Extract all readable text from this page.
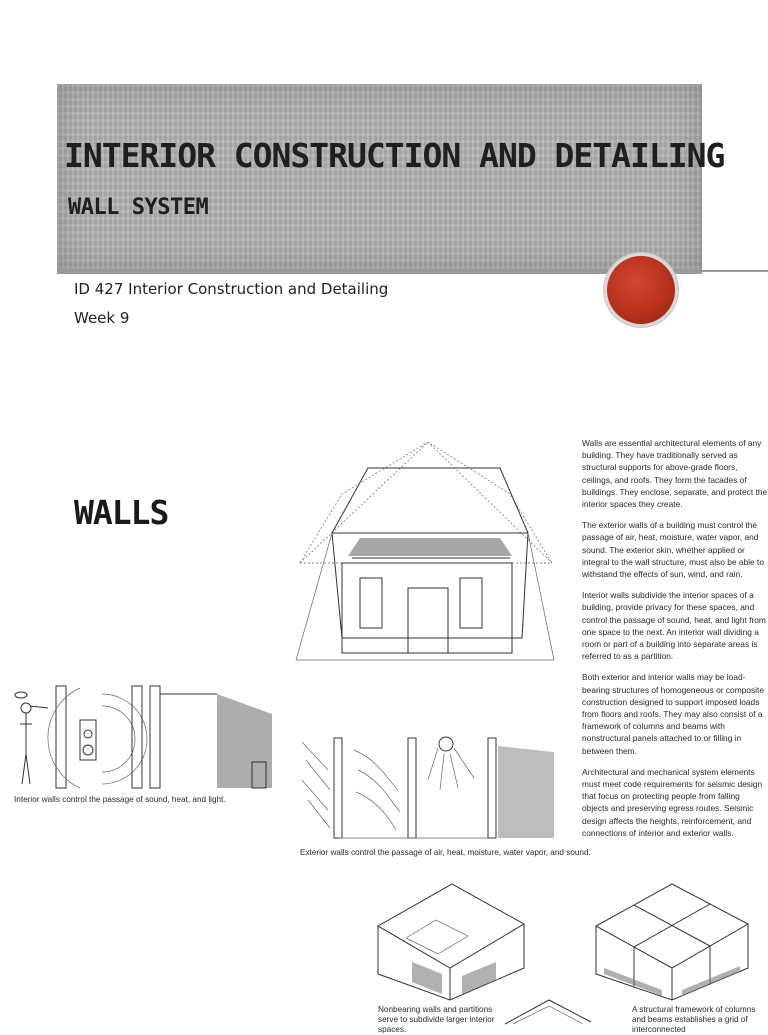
INTERIOR CONSTRUCTION AND DETAILING
WALL SYSTEM
ID 427 Interior Construction and Detailing
Week 9
WALLS

Walls are essential architectural elements of any building. They have traditionally served as structural supports for above-grade floors, ceilings, and roofs. They form the facades of buildings. They enclose, separate, and protect the interior spaces they create.

The exterior walls of a building must control the passage of air, heat, moisture, water vapor, and sound. The exterior skin, whether applied or integral to the wall structure, must also be able to withstand the effects of sun, wind, and rain.

Interior walls subdivide the interior spaces of a building, provide privacy for these spaces, and control the passage of sound, heat, and light from one space to the next. An interior wall dividing a room or part of a building into separate areas is referred to as a partition.

Both exterior and interior walls may be load-bearing structures of homogeneous or composite construction designed to support imposed loads from floors and roofs. They may also consist of a framework of columns and beams with nonstructural panels attached to or filling in between them.

Architectural and mechanical system elements must meet code requirements for seismic design that focus on protecting people from falling objects and preserving egress routes. Seismic design affects the heights, reinforcement, and connections of interior and exterior walls.

Interior walls control the passage of sound, heat, and light.
Exterior walls control the passage of air, heat, moisture, water vapor, and sound.
Nonbearing walls and partitions serve to subdivide larger interior spaces.
A structural framework of columns and beams establishes a grid of interconnected
